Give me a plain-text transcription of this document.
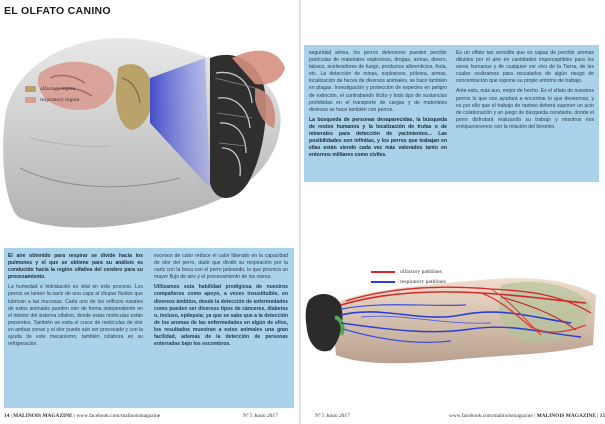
EL OLFATO CANINO
olfactory region
respiratory region

El aire obtenido para respirar se divide hacia los pulmones y el que se obtiene para su análisis es conducido hacia la región olfativa del cerebro para su procesamiento.

La humedad e hidratación es vital en este proceso. Los perros se lamen la nariz de una capa al chupar fluidos que lubrican a las mucosas. Cada uno de los orificios nasales de estos animales pueden oler de forma independiente en el interior del sistema olfativo, donde estas moléculas están presentes. También se evita el cruce de moléculas de olor en ambas zonas y el olor puede aún ser procesado y con la ayuda de este mecanismo, también colabora en su refrigeración.

excesos de calor reduce el calor liberado en la capacidad de olor del perro, dado que dividir su respiración por la nariz con la boca con el perro jadeando, lo que provoca un mayor flujo de aire y el procesamiento de los olores.

Utilizamos esta habilidad prodigiosa de nuestros compañeros como apoyo, a veces insustituible, en diversos ámbitos, desde la detección de enfermedades como pueden ser diversos tipos de cánceres, diabetes o, incluso, epilepsia; ya que se sabe que a la detección de los aromas de las enfermedades en algún de ellos, los resultados muestran a estos animales una gran facilidad, además de la detección de personas enterradas bajo los escombros.

14 | MALINOIS MAGAZINE | www.facebook.com/malinoismagazine	Nº 5 Junio 2017

seguridad aérea, los perros detectores pueden percibir partículas de materiales explosivos, drogas, armas, dinero, tabaco, aceleradores de fuego, productos alimenticios, fruta, etc. La detección de minas, explosivos, pólvora, armas, localización de heces de diversos animales, se hace también en plagas. Investigación y protección de especies en peligro de extinción, el contrabando ilícito y todo tipo de sustancias prohibidas en el transporte de cargas y de materiales diversos se hace también con perros.

La búsqueda de personas desaparecidas, la búsqueda de restos humanos y la localización de trufas o de minerales para detección de yacimientos... Las posibilidades son infinitas, y los perros que trabajan en ellas están siendo cada vez más valorados tanto en entornos militares como civiles.

Es un olfato tan sensible que es capaz de percibir aromas diluidos por el aire en cantidades imperceptibles para los seres humanos y de cualquier ser vivo de la Tierra, de los cuales realizamos para rescatarlos de algún riesgo de concentración que supone su propio entorno de trabajo.

Ante esto, más aun, mejor de hecho. Es el olfato de nuestros perros lo que nos ayudará a encontrar lo que deseemos, y es por ello que el trabajo de rastreo deberá suponer un acto de colaboración y un juego de búsqueda constante, donde el perro disfrutará realizando su trabajo y nosotros nos enriqueceremos con la relación del binomio.

olfactory pathlines
respiratory pathlines
Nº 5 Junio 2017	www.facebook.com/malinoismagazine | MALINOIS MAGAZINE | 15
